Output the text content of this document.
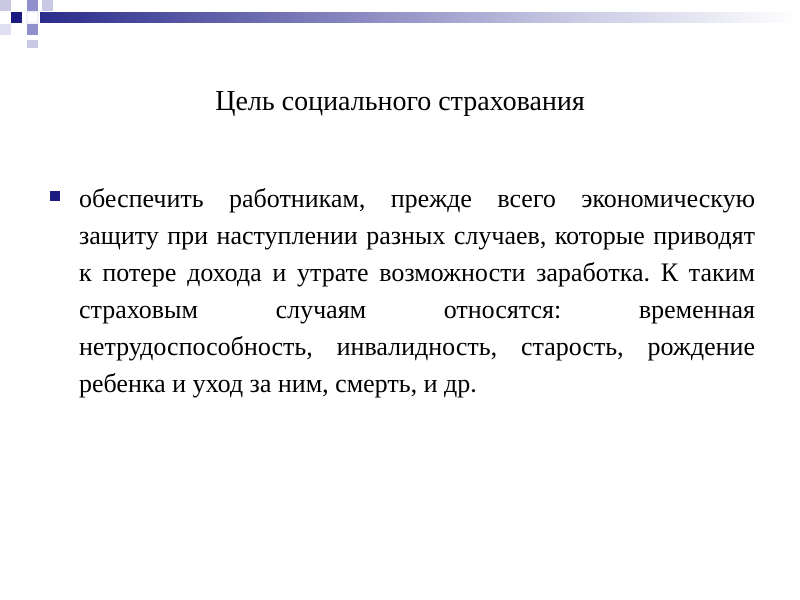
Цель социального страхования
обеспечить работникам, прежде всего экономическую защиту при наступлении разных случаев, которые приводят к потере дохода и утрате возможности заработка. К таким страховым случаям относятся: временная нетрудоспособность, инвалидность, старость, рождение ребенка и уход за ним, смерть, и др.
